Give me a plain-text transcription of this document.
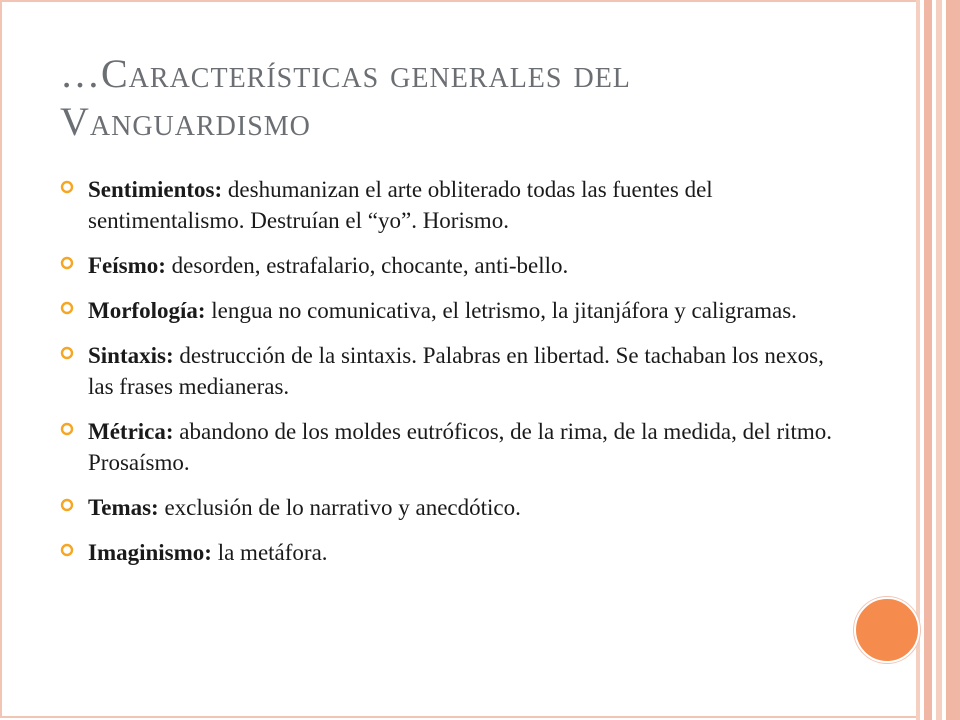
…Características generales del Vanguardismo
Sentimientos: deshumanizan el arte obliterado todas las fuentes del sentimentalismo. Destruían el “yo”. Horismo.
Feísmo: desorden, estrafalario, chocante, anti-bello.
Morfología: lengua no comunicativa, el letrismo, la jitanjáfora y caligramas.
Sintaxis: destrucción de la sintaxis. Palabras en libertad. Se tachaban los nexos, las frases medianeras.
Métrica: abandono de los moldes eutróficos, de la rima, de la medida, del ritmo. Prosaísmo.
Temas: exclusión de lo narrativo y anecdótico.
Imaginismo: la metáfora.
